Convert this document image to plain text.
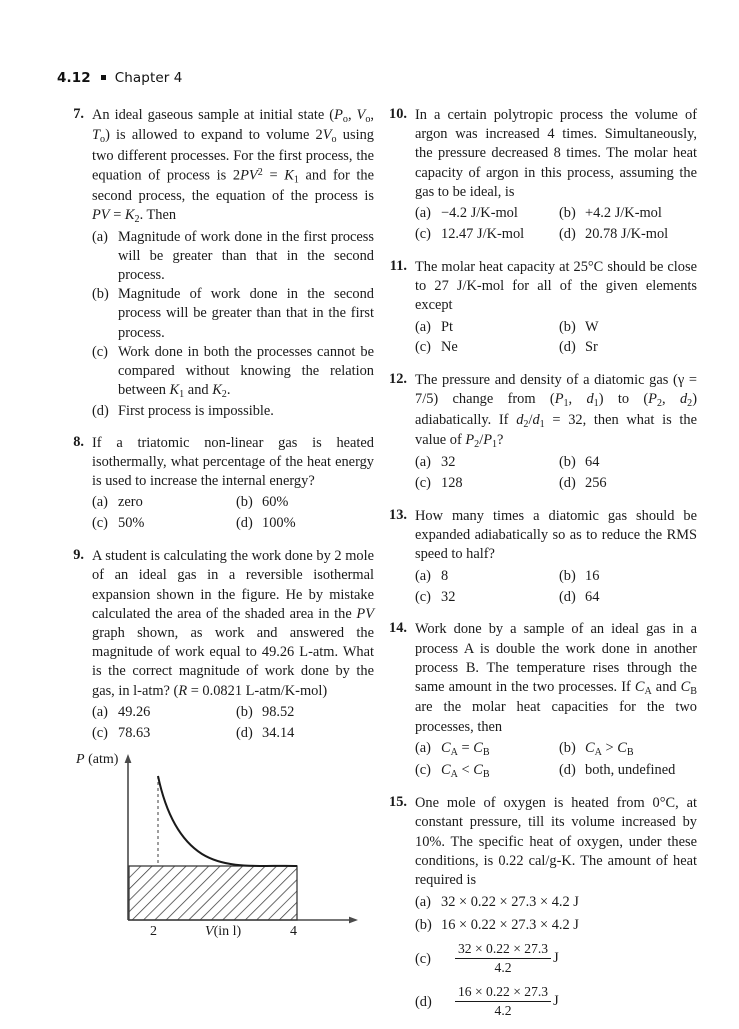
4.12 Chapter 4
7. An ideal gaseous sample at initial state ($P_o$, $V_o$, $T_o$) is allowed to expand to volume $2V_o$ using two different processes. For the first process, the equation of process is $2PV^2 = K_1$ and for the second process, the equation of the process is PV = $K_2$. Then
(a) Magnitude of work done in the first process will be greater than that in the second process.
(b) Magnitude of work done in the second process will be greater than that in the first process.
(c) Work done in both the processes cannot be compared without knowing the relation between $K_1$ and $K_2$.
(d) First process is impossible.
8. If a triatomic non-linear gas is heated isothermally, what percentage of the heat energy is used to increase the internal energy?
(a) zero	(b) 60%
(c) 50%	(d) 100%
9. A student is calculating the work done by 2 mole of an ideal gas in a reversible isothermal expansion shown in the figure. He by mistake calculated the area of the shaded area in the PV graph shown, as work and answered the magnitude of work equal to 49.26 L-atm. What is the correct magnitude of work done by the gas, in l-atm? (R = 0.0821 L-atm/K-mol)
(a) 49.26	(b) 98.52
(c) 78.63	(d) 34.14
P (atm)
2	4
V(in l)
10. In a certain polytropic process the volume of argon was increased 4 times. Simultaneously, the pressure decreased 8 times. The molar heat capacity of argon in this process, assuming the gas to be ideal, is
(a) −4.2 J/K-mol	(b) +4.2 J/K-mol
(c) 12.47 J/K-mol	(d) 20.78 J/K-mol
11. The molar heat capacity at 25°C should be close to 27 J/K-mol for all of the given elements except
(a) Pt	(b) W
(c) Ne	(d) Sr
12. The pressure and density of a diatomic gas (γ = 7/5) change from ($P_1$, $d_1$) to ($P_2$, $d_2$) adiabatically. If $d_2/d_1 = 32$, then what is the value of $P_2/P_1$?
(a) 32	(b) 64
(c) 128	(d) 256
13. How many times a diatomic gas should be expanded adiabatically so as to reduce the RMS speed to half?
(a) 8	(b) 16
(c) 32	(d) 64
14. Work done by a sample of an ideal gas in a process A is double the work done in another process B. The temperature rises through the same amount in the two processes. If $C_A$ and $C_B$ are the molar heat capacities for the two processes, then
(a) $C_A = C_B$	(b) $C_A > C_B$
(c) $C_A < C_B$	(d) both, undefined
15. One mole of oxygen is heated from 0°C, at constant pressure, till its volume increased by 10%. The specific heat of oxygen, under these conditions, is 0.22 cal/g-K. The amount of heat required is
(a) 32 × 0.22 × 27.3 × 4.2 J
(b) 16 × 0.22 × 27.3 × 4.2 J
(c)	$\frac{32 \times 0.22 \times 27.3}{4.2}$ J
(d)	$\frac{16 \times 0.22 \times 27.3}{4.2}$ J
